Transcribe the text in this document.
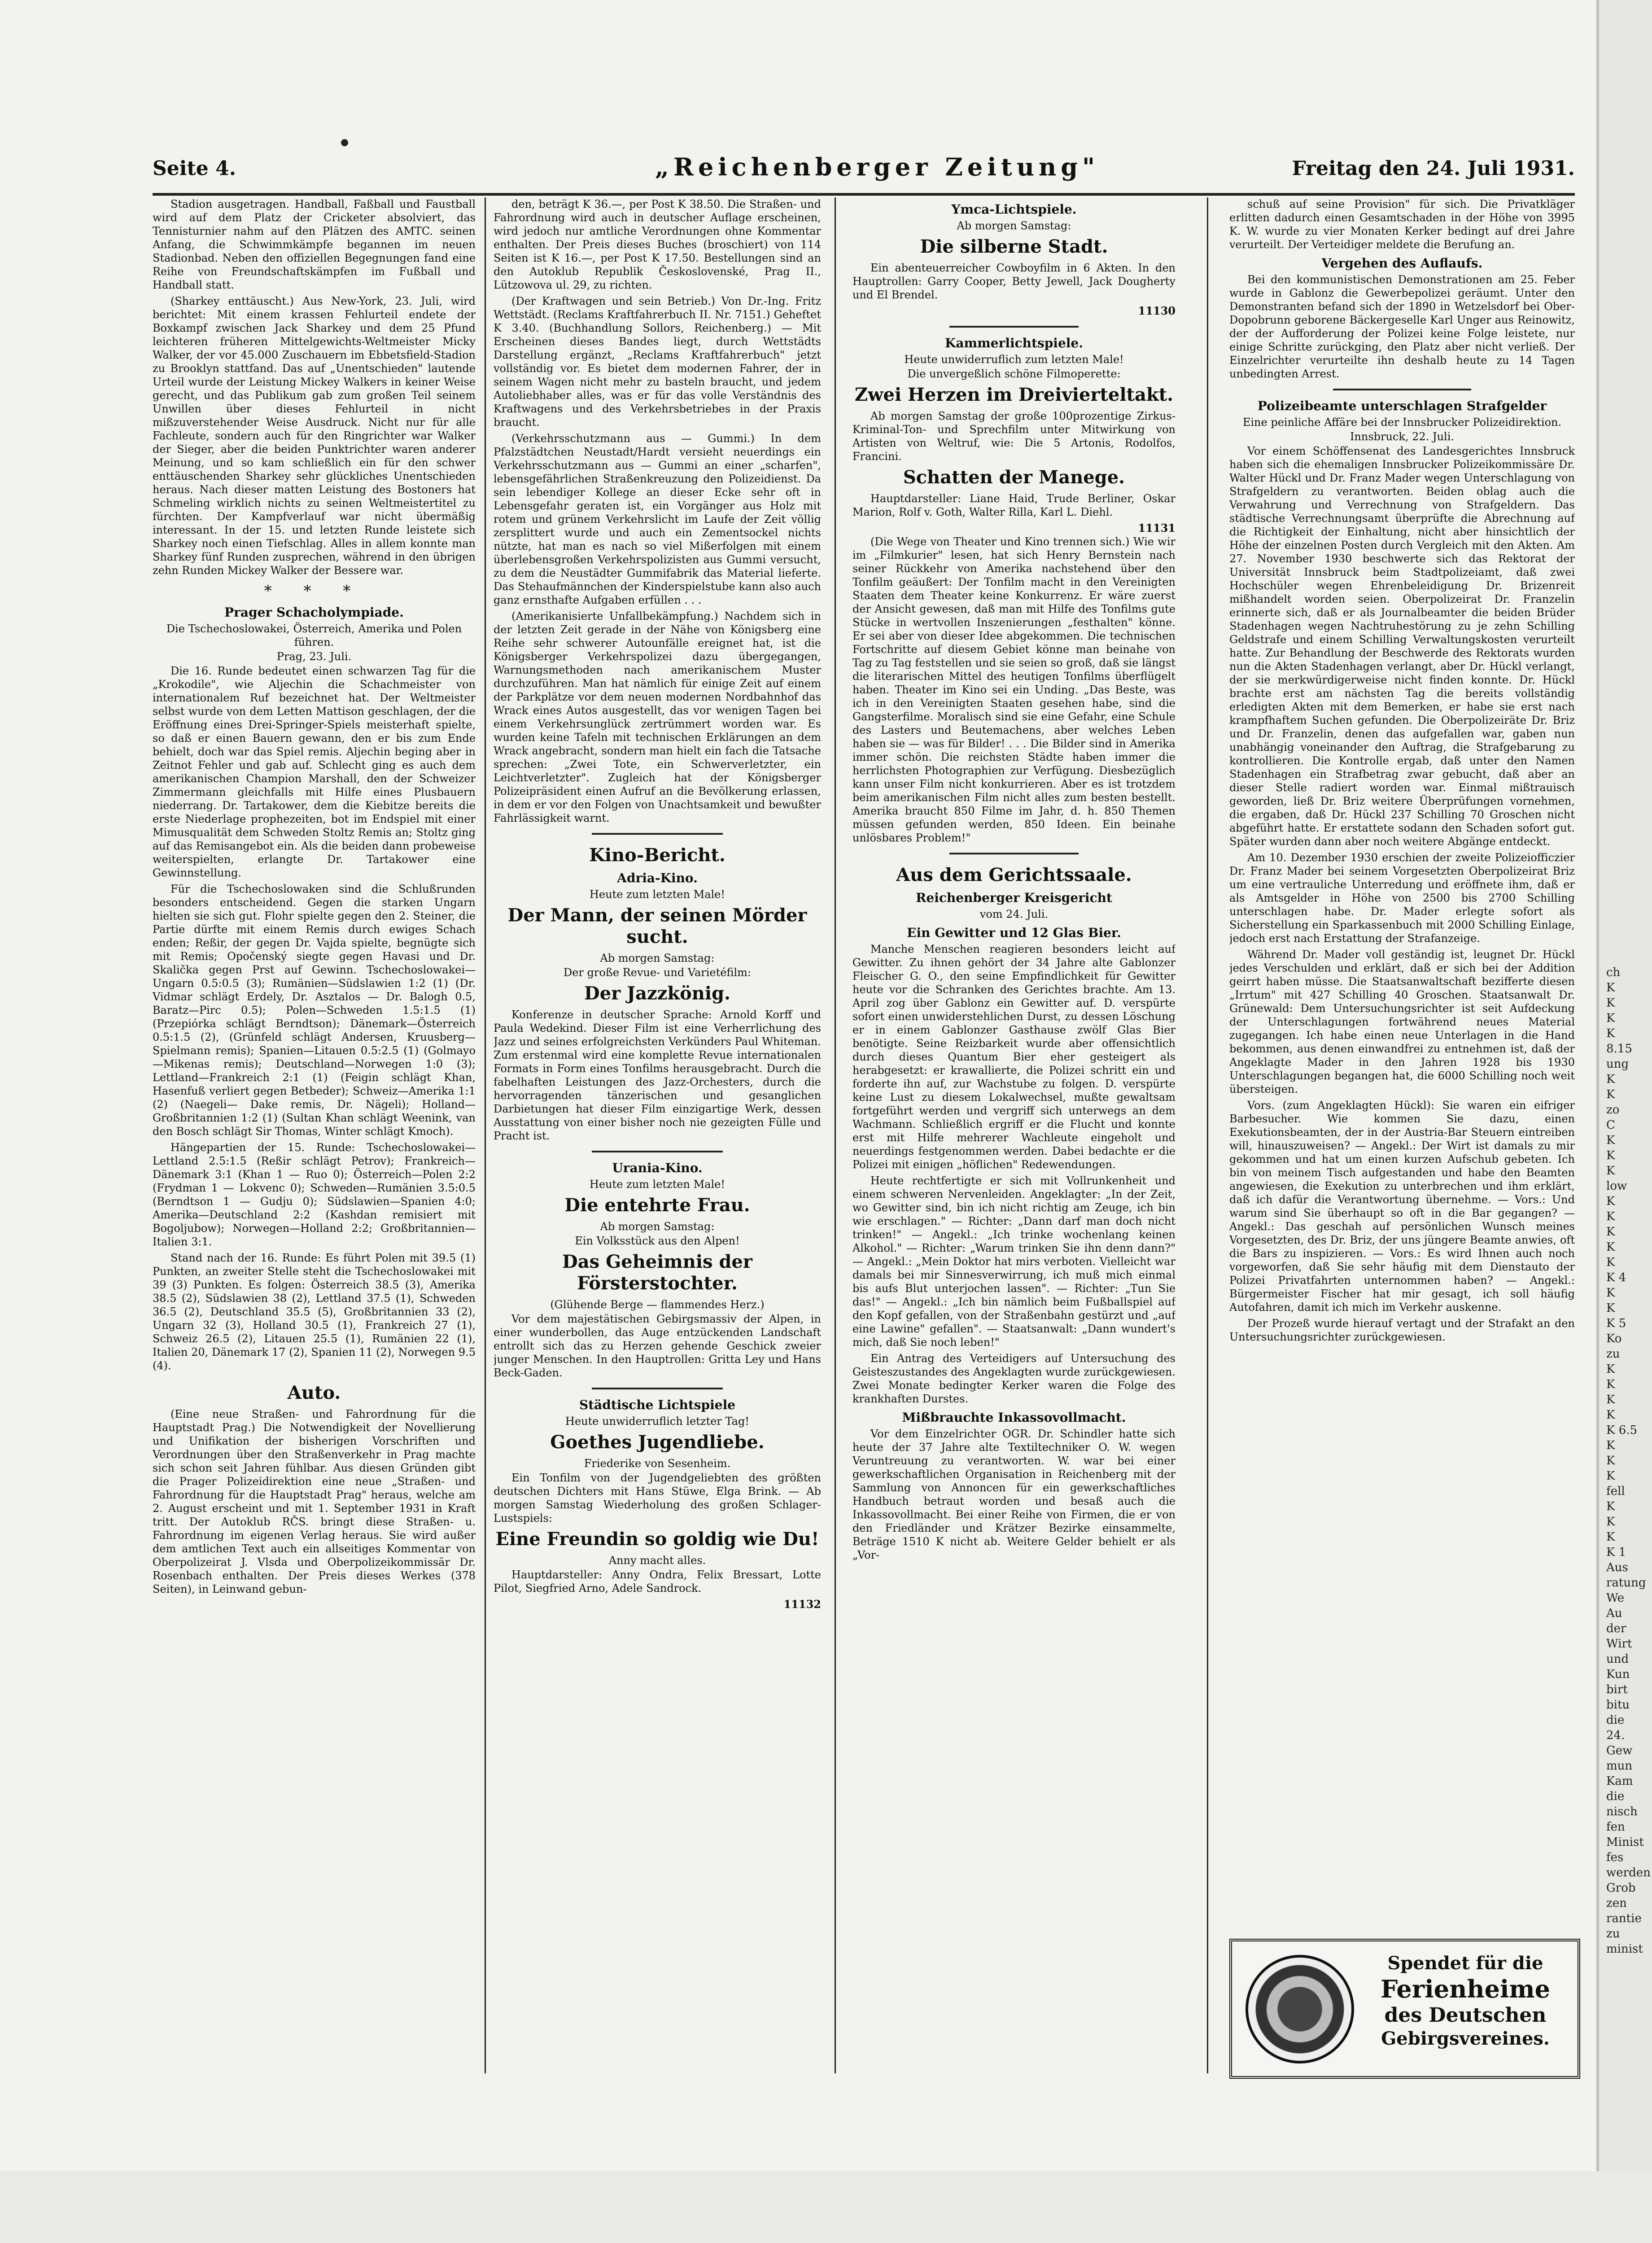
Seite 4.	„Reichenberger Zeitung"	Freitag den 24. Juli 1931.

Stadion ausgetragen. Handball, Faßball und Faustball wird auf dem Platz der Cricketer absolviert, das Tennisturnier nahm auf den Plätzen des AMTC. seinen Anfang, die Schwimmkämpfe begannen im neuen Stadionbad. Neben den offiziellen Begegnungen fand eine Reihe von Freundschaftskämpfen im Fußball und Handball statt.

(Sharkey enttäuscht.) Aus New-York, 23. Juli, wird berichtet: Mit einem krassen Fehlurteil endete der Boxkampf zwischen Jack Sharkey und dem 25 Pfund leichteren früheren Mittelgewichts-Weltmeister Micky Walker, der vor 45.000 Zuschauern im Ebbetsfield-Stadion zu Brooklyn stattfand. Das auf „Unentschieden" lautende Urteil wurde der Leistung Mickey Walkers in keiner Weise gerecht, und das Publikum gab zum großen Teil seinem Unwillen über dieses Fehlurteil in nicht mißzuverstehender Weise Ausdruck. Nicht nur für alle Fachleute, sondern auch für den Ringrichter war Walker der Sieger, aber die beiden Punktrichter waren anderer Meinung, und so kam schließlich ein für den schwer enttäuschenden Sharkey sehr glückliches Unentschieden heraus. Nach dieser matten Leistung des Bostoners hat Schmeling wirklich nichts zu seinen Weltmeistertitel zu fürchten. Der Kampfverlauf war nicht übermäßig interessant. In der 15. und letzten Runde leistete sich Sharkey noch einen Tiefschlag. Alles in allem konnte man Sharkey fünf Runden zusprechen, während in den übrigen zehn Runden Mickey Walker der Bessere war.

* * *
Prager Schacholympiade.
Die Tschechoslowakei, Österreich, Amerika und Polen führen.
Prag, 23. Juli.

Die 16. Runde bedeutet einen schwarzen Tag für die „Krokodile", wie Aljechin die Schachmeister von internationalem Ruf bezeichnet hat. Der Weltmeister selbst wurde von dem Letten Mattison geschlagen, der die Eröffnung eines Drei-Springer-Spiels meisterhaft spielte, so daß er einen Bauern gewann, den er bis zum Ende behielt, doch war das Spiel remis. Aljechin beging aber in Zeitnot Fehler und gab auf. Schlecht ging es auch dem amerikanischen Champion Marshall, den der Schweizer Zimmermann gleichfalls mit Hilfe eines Plusbauern niederrang. Dr. Tartakower, dem die Kiebitze bereits die erste Niederlage prophezeiten, bot im Endspiel mit einer Mimusqualität dem Schweden Stoltz Remis an; Stoltz ging auf das Remisangebot ein. Als die beiden dann probeweise weiterspielten, erlangte Dr. Tartakower eine Gewinnstellung.

Für die Tschechoslowaken sind die Schlußrunden besonders entscheidend. Gegen die starken Ungarn hielten sie sich gut. Flohr spielte gegen den 2. Steiner, die Partie dürfte mit einem Remis durch ewiges Schach enden; Reßir, der gegen Dr. Vajda spielte, begnügte sich mit Remis; Opočenský siegte gegen Havasi und Dr. Skalička gegen Prst auf Gewinn. Tschechoslowakei—Ungarn 0.5:0.5 (3); Rumänien—Südslawien 1:2 (1) (Dr. Vidmar schlägt Erdely, Dr. Asztalos — Dr. Balogh 0.5, Baratz—Pirc 0.5); Polen—Schweden 1.5:1.5 (1) (Przepiórka schlägt Berndtson); Dänemark—Österreich 0.5:1.5 (2), (Grünfeld schlägt Andersen, Kruusberg—Spielmann remis); Spanien—Litauen 0.5:2.5 (1) (Golmayo—Mikenas remis); Deutschland—Norwegen 1:0 (3); Lettland—Frankreich 2:1 (1) (Feigin schlägt Khan, Hasenfuß verliert gegen Betbeder); Schweiz—Amerika 1:1 (2) (Naegeli— Dake remis, Dr. Nägeli); Holland—Großbritannien 1:2 (1) (Sultan Khan schlägt Weenink, van den Bosch schlägt Sir Thomas, Winter schlägt Kmoch).

Hängepartien der 15. Runde: Tschechoslowakei—Lettland 2.5:1.5 (Reßir schlägt Petrov); Frankreich—Dänemark 3:1 (Khan 1 — Ruo 0); Österreich—Polen 2:2 (Frydman 1 — Lokvenc 0); Schweden—Rumänien 3.5:0.5 (Berndtson 1 — Gudju 0); Südslawien—Spanien 4:0; Amerika—Deutschland 2:2 (Kashdan remisiert mit Bogoljubow); Norwegen—Holland 2:2; Großbritannien—Italien 3:1.

Stand nach der 16. Runde: Es führt Polen mit 39.5 (1) Punkten, an zweiter Stelle steht die Tschechoslowakei mit 39 (3) Punkten. Es folgen: Österreich 38.5 (3), Amerika 38.5 (2), Südslawien 38 (2), Lettland 37.5 (1), Schweden 36.5 (2), Deutschland 35.5 (5), Großbritannien 33 (2), Ungarn 32 (3), Holland 30.5 (1), Frankreich 27 (1), Schweiz 26.5 (2), Litauen 25.5 (1), Rumänien 22 (1), Italien 20, Dänemark 17 (2), Spanien 11 (2), Norwegen 9.5 (4).

Auto.

(Eine neue Straßen- und Fahrordnung für die Hauptstadt Prag.) Die Notwendigkeit der Novellierung und Unifikation der bisherigen Vorschriften und Verordnungen über den Straßenverkehr in Prag machte sich schon seit Jahren fühlbar. Aus diesen Gründen gibt die Prager Polizeidirektion eine neue „Straßen- und Fahrordnung für die Hauptstadt Prag" heraus, welche am 2. August erscheint und mit 1. September 1931 in Kraft tritt. Der Autoklub RČS. bringt diese Straßen- u. Fahrordnung im eigenen Verlag heraus. Sie wird außer dem amtlichen Text auch ein allseitiges Kommentar von Oberpolizeirat J. Vlsda und Oberpolizeikommissär Dr. Rosenbach enthalten. Der Preis dieses Werkes (378 Seiten), in Leinwand gebun-

den, beträgt K 36.—, per Post K 38.50. Die Straßen- und Fahrordnung wird auch in deutscher Auflage erscheinen, wird jedoch nur amtliche Verordnungen ohne Kommentar enthalten. Der Preis dieses Buches (broschiert) von 114 Seiten ist K 16.—, per Post K 17.50. Bestellungen sind an den Autoklub Republik Československé, Prag II., Lützowova ul. 29, zu richten.

(Der Kraftwagen und sein Betrieb.) Von Dr.-Ing. Fritz Wettstädt. (Reclams Kraftfahrerbuch II. Nr. 7151.) Geheftet K 3.40. (Buchhandlung Sollors, Reichenberg.) — Mit Erscheinen dieses Bandes liegt, durch Wettstädts Darstellung ergänzt, „Reclams Kraftfahrerbuch" jetzt vollständig vor. Es bietet dem modernen Fahrer, der in seinem Wagen nicht mehr zu basteln braucht, und jedem Autoliebhaber alles, was er für das volle Verständnis des Kraftwagens und des Verkehrsbetriebes in der Praxis braucht.

(Verkehrsschutzmann aus — Gummi.) In dem Pfalzstädtchen Neustadt/Hardt versieht neuerdings ein Verkehrsschutzmann aus — Gummi an einer „scharfen", lebensgefährlichen Straßenkreuzung den Polizeidienst. Da sein lebendiger Kollege an dieser Ecke sehr oft in Lebensgefahr geraten ist, ein Vorgänger aus Holz mit rotem und grünem Verkehrslicht im Laufe der Zeit völlig zersplittert wurde und auch ein Zementsockel nichts nützte, hat man es nach so viel Mißerfolgen mit einem überlebensgroßen Verkehrspolizisten aus Gummi versucht, zu dem die Neustädter Gummifabrik das Material lieferte. Das Stehaufmännchen der Kinderspielstube kann also auch ganz ernsthafte Aufgaben erfüllen . . .

(Amerikanisierte Unfallbekämpfung.) Nachdem sich in der letzten Zeit gerade in der Nähe von Königsberg eine Reihe sehr schwerer Autounfälle ereignet hat, ist die Königsberger Verkehrspolizei dazu übergegangen, Warnungsmethoden nach amerikanischem Muster durchzuführen. Man hat nämlich für einige Zeit auf einem der Parkplätze vor dem neuen modernen Nordbahnhof das Wrack eines Autos ausgestellt, das vor wenigen Tagen bei einem Verkehrsunglück zertrümmert worden war. Es wurden keine Tafeln mit technischen Erklärungen an dem Wrack angebracht, sondern man hielt ein fach die Tatsache sprechen: „Zwei Tote, ein Schwerverletzter, ein Leichtverletzter". Zugleich hat der Königsberger Polizeipräsident einen Aufruf an die Bevölkerung erlassen, in dem er vor den Folgen von Unachtsamkeit und bewußter Fahrlässigkeit warnt.

Kino-Bericht.
Adria-Kino.
Heute zum letzten Male!
Der Mann, der seinen Mörder sucht.
Ab morgen Samstag:
Der große Revue- und Varietéfilm:
Der Jazzkönig.

Konferenze in deutscher Sprache: Arnold Korff und Paula Wedekind. Dieser Film ist eine Verherrlichung des Jazz und seines erfolgreichsten Verkünders Paul Whiteman. Zum erstenmal wird eine komplette Revue internationalen Formats in Form eines Tonfilms herausgebracht. Durch die fabelhaften Leistungen des Jazz-Orchesters, durch die hervorragenden tänzerischen und gesanglichen Darbietungen hat dieser Film einzigartige Werk, dessen Ausstattung von einer bisher noch nie gezeigten Fülle und Pracht ist.

Urania-Kino.
Heute zum letzten Male!
Die entehrte Frau.
Ab morgen Samstag:
Ein Volksstück aus den Alpen!
Das Geheimnis der Försterstochter.
(Glühende Berge — flammendes Herz.)

Vor dem majestätischen Gebirgsmassiv der Alpen, in einer wunderbollen, das Auge entzückenden Landschaft entrollt sich das zu Herzen gehende Geschick zweier junger Menschen. In den Hauptrollen: Gritta Ley und Hans Beck-Gaden.

Städtische Lichtspiele
Heute unwiderruflich letzter Tag!
Goethes Jugendliebe.
Friederike von Sesenheim.

Ein Tonfilm von der Jugendgeliebten des größten deutschen Dichters mit Hans Stüwe, Elga Brink. — Ab morgen Samstag Wiederholung des großen Schlager-Lustspiels:

Eine Freundin so goldig wie Du!
Anny macht alles.

Hauptdarsteller: Anny Ondra, Felix Bressart, Lotte Pilot, Siegfried Arno, Adele Sandrock.

11132
Ymca-Lichtspiele.
Ab morgen Samstag:
Die silberne Stadt.

Ein abenteuerreicher Cowboyfilm in 6 Akten. In den Hauptrollen: Garry Cooper, Betty Jewell, Jack Dougherty und El Brendel.

11130
Kammerlichtspiele.
Heute unwiderruflich zum letzten Male!
Die unvergeßlich schöne Filmoperette:
Zwei Herzen im Dreivierteltakt.

Ab morgen Samstag der große 100prozentige Zirkus-Kriminal-Ton- und Sprechfilm unter Mitwirkung von Artisten von Weltruf, wie: Die 5 Artonis, Rodolfos, Francini.

Schatten der Manege.

Hauptdarsteller: Liane Haid, Trude Berliner, Oskar Marion, Rolf v. Goth, Walter Rilla, Karl L. Diehl.

11131

(Die Wege von Theater und Kino trennen sich.) Wie wir im „Filmkurier" lesen, hat sich Henry Bernstein nach seiner Rückkehr von Amerika nachstehend über den Tonfilm geäußert: Der Tonfilm macht in den Vereinigten Staaten dem Theater keine Konkurrenz. Er wäre zuerst der Ansicht gewesen, daß man mit Hilfe des Tonfilms gute Stücke in wertvollen Inszenierungen „festhalten" könne. Er sei aber von dieser Idee abgekommen. Die technischen Fortschritte auf diesem Gebiet könne man beinahe von Tag zu Tag feststellen und sie seien so groß, daß sie längst die literarischen Mittel des heutigen Tonfilms überflügelt haben. Theater im Kino sei ein Unding. „Das Beste, was ich in den Vereinigten Staaten gesehen habe, sind die Gangsterfilme. Moralisch sind sie eine Gefahr, eine Schule des Lasters und Beutemachens, aber welches Leben haben sie — was für Bilder! . . . Die Bilder sind in Amerika immer schön. Die reichsten Städte haben immer die herrlichsten Photographien zur Verfügung. Diesbezüglich kann unser Film nicht konkurrieren. Aber es ist trotzdem beim amerikanischen Film nicht alles zum besten bestellt. Amerika braucht 850 Filme im Jahr, d. h. 850 Themen müssen gefunden werden, 850 Ideen. Ein beinahe unlösbares Problem!"

Aus dem Gerichtssaale.
Reichenberger Kreisgericht
vom 24. Juli.
Ein Gewitter und 12 Glas Bier.

Manche Menschen reagieren besonders leicht auf Gewitter. Zu ihnen gehört der 34 Jahre alte Gablonzer Fleischer G. O., den seine Empfindlichkeit für Gewitter heute vor die Schranken des Gerichtes brachte. Am 13. April zog über Gablonz ein Gewitter auf. D. verspürte sofort einen unwiderstehlichen Durst, zu dessen Löschung er in einem Gablonzer Gasthause zwölf Glas Bier benötigte. Seine Reizbarkeit wurde aber offensichtlich durch dieses Quantum Bier eher gesteigert als herabgesetzt: er krawallierte, die Polizei schritt ein und forderte ihn auf, zur Wachstube zu folgen. D. verspürte keine Lust zu diesem Lokalwechsel, mußte gewaltsam fortgeführt werden und vergriff sich unterwegs an dem Wachmann. Schließlich ergriff er die Flucht und konnte erst mit Hilfe mehrerer Wachleute eingeholt und neuerdings festgenommen werden. Dabei bedachte er die Polizei mit einigen „höflichen" Redewendungen.

Heute rechtfertigte er sich mit Vollrunkenheit und einem schweren Nervenleiden. Angeklagter: „In der Zeit, wo Gewitter sind, bin ich nicht richtig am Zeuge, ich bin wie erschlagen." — Richter: „Dann darf man doch nicht trinken!" — Angekl.: „Ich trinke wochenlang keinen Alkohol." — Richter: „Warum trinken Sie ihn denn dann?" — Angekl.: „Mein Doktor hat mirs verboten. Vielleicht war damals bei mir Sinnesverwirrung, ich muß mich einmal bis aufs Blut unterjochen lassen". — Richter: „Tun Sie das!" — Angekl.: „Ich bin nämlich beim Fußballspiel auf den Kopf gefallen, von der Straßenbahn gestürzt und „auf eine Lawine" gefallen". — Staatsanwalt: „Dann wundert's mich, daß Sie noch leben!"

Ein Antrag des Verteidigers auf Untersuchung des Geisteszustandes des Angeklagten wurde zurückgewiesen. Zwei Monate bedingter Kerker waren die Folge des krankhaften Durstes.

Mißbrauchte Inkassovollmacht.

Vor dem Einzelrichter OGR. Dr. Schindler hatte sich heute der 37 Jahre alte Textiltechniker O. W. wegen Veruntreuung zu verantworten. W. war bei einer gewerkschaftlichen Organisation in Reichenberg mit der Sammlung von Annoncen für ein gewerkschaftliches Handbuch betraut worden und besaß auch die Inkassovollmacht. Bei einer Reihe von Firmen, die er von den Friedländer und Krätzer Bezirke einsammelte, Beträge 1510 K nicht ab. Weitere Gelder behielt er als „Vor-

schuß auf seine Provision" für sich. Die Privatkläger erlitten dadurch einen Gesamtschaden in der Höhe von 3995 K. W. wurde zu vier Monaten Kerker bedingt auf drei Jahre verurteilt. Der Verteidiger meldete die Berufung an.

Vergehen des Auflaufs.

Bei den kommunistischen Demonstrationen am 25. Feber wurde in Gablonz die Gewerbepolizei geräumt. Unter den Demonstranten befand sich der 1890 in Wetzelsdorf bei Ober-Dopobrunn geborene Bäckergeselle Karl Unger aus Reinowitz, der der Aufforderung der Polizei keine Folge leistete, nur einige Schritte zurückging, den Platz aber nicht verließ. Der Einzelrichter verurteilte ihn deshalb heute zu 14 Tagen unbedingten Arrest.

Polizeibeamte unterschlagen Strafgelder
Eine peinliche Affäre bei der Innsbrucker Polizeidirektion.
Innsbruck, 22. Juli.

Vor einem Schöffensenat des Landesgerichtes Innsbruck haben sich die ehemaligen Innsbrucker Polizeikommissäre Dr. Walter Hückl und Dr. Franz Mader wegen Unterschlagung von Strafgeldern zu verantworten. Beiden oblag auch die Verwahrung und Verrechnung von Strafgeldern. Das städtische Verrechnungsamt überprüfte die Abrechnung auf die Richtigkeit der Einhaltung, nicht aber hinsichtlich der Höhe der einzelnen Posten durch Vergleich mit den Akten. Am 27. November 1930 beschwerte sich das Rektorat der Universität Innsbruck beim Stadtpolizeiamt, daß zwei Hochschüler wegen Ehrenbeleidigung Dr. Brizenreit mißhandelt worden seien. Oberpolizeirat Dr. Franzelin erinnerte sich, daß er als Journalbeamter die beiden Brüder Stadenhagen wegen Nachtruhestörung zu je zehn Schilling Geldstrafe und einem Schilling Verwaltungskosten verurteilt hatte. Zur Behandlung der Beschwerde des Rektorats wurden nun die Akten Stadenhagen verlangt, aber Dr. Hückl verlangt, der sie merkwürdigerweise nicht finden konnte. Dr. Hückl brachte erst am nächsten Tag die bereits vollständig erledigten Akten mit dem Bemerken, er habe sie erst nach krampfhaftem Suchen gefunden. Die Oberpolizeiräte Dr. Briz und Dr. Franzelin, denen das aufgefallen war, gaben nun unabhängig voneinander den Auftrag, die Strafgebarung zu kontrollieren. Die Kontrolle ergab, daß unter den Namen Stadenhagen ein Strafbetrag zwar gebucht, daß aber an dieser Stelle radiert worden war. Einmal mißtrauisch geworden, ließ Dr. Briz weitere Überprüfungen vornehmen, die ergaben, daß Dr. Hückl 237 Schilling 70 Groschen nicht abgeführt hatte. Er erstattete sodann den Schaden sofort gut. Später wurden dann aber noch weitere Abgänge entdeckt.

Am 10. Dezember 1930 erschien der zweite Polizeiofficzier Dr. Franz Mader bei seinem Vorgesetzten Oberpolizeirat Briz um eine vertrauliche Unterredung und eröffnete ihm, daß er als Amtsgelder in Höhe von 2500 bis 2700 Schilling unterschlagen habe. Dr. Mader erlegte sofort als Sicherstellung ein Sparkassenbuch mit 2000 Schilling Einlage, jedoch erst nach Erstattung der Strafanzeige.

Während Dr. Mader voll geständig ist, leugnet Dr. Hückl jedes Verschulden und erklärt, daß er sich bei der Addition geirrt haben müsse. Die Staatsanwaltschaft bezifferte diesen „Irrtum" mit 427 Schilling 40 Groschen. Staatsanwalt Dr. Grünewald: Dem Untersuchungsrichter ist seit Aufdeckung der Unterschlagungen fortwährend neues Material zugegangen. Ich habe einen neue Unterlagen in die Hand bekommen, aus denen einwandfrei zu entnehmen ist, daß der Angeklagte Mader in den Jahren 1928 bis 1930 Unterschlagungen begangen hat, die 6000 Schilling noch weit übersteigen.

Vors. (zum Angeklagten Hückl): Sie waren ein eifriger Barbesucher. Wie kommen Sie dazu, einen Exekutionsbeamten, der in der Austria-Bar Steuern eintreiben will, hinauszuweisen? — Angekl.: Der Wirt ist damals zu mir gekommen und hat um einen kurzen Aufschub gebeten. Ich bin von meinem Tisch aufgestanden und habe den Beamten angewiesen, die Exekution zu unterbrechen und ihm erklärt, daß ich dafür die Verantwortung übernehme. — Vors.: Und warum sind Sie überhaupt so oft in die Bar gegangen? — Angekl.: Das geschah auf persönlichen Wunsch meines Vorgesetzten, des Dr. Briz, der uns jüngere Beamte anwies, oft die Bars zu inspizieren. — Vors.: Es wird Ihnen auch noch vorgeworfen, daß Sie sehr häufig mit dem Dienstauto der Polizei Privatfahrten unternommen haben? — Angekl.: Bürgermeister Fischer hat mir gesagt, ich soll häufig Autofahren, damit ich mich im Verkehr auskenne.

Der Prozeß wurde hierauf vertagt und der Strafakt an den Untersuchungsrichter zurückgewiesen.

Spendet für die
Ferienheime
des Deutschen
Gebirgsvereines.
ch
K
K
K
K
8.15
ung
K
K
zo
C
K
K
K
low
K
K
K
K
K
K 4
K
K
K 5
Ko
zu
K
K
K
K
K 6.5
K
K
K
fell
K
K
K
K 1
Aus
ratung
We
Au
der
Wirt
und
Kun
birt
bitu
die
24.
Gew
mun
Kam
die
nisch
fen
Minist
fes
werden
Grob
zen
rantie
zu
minist
